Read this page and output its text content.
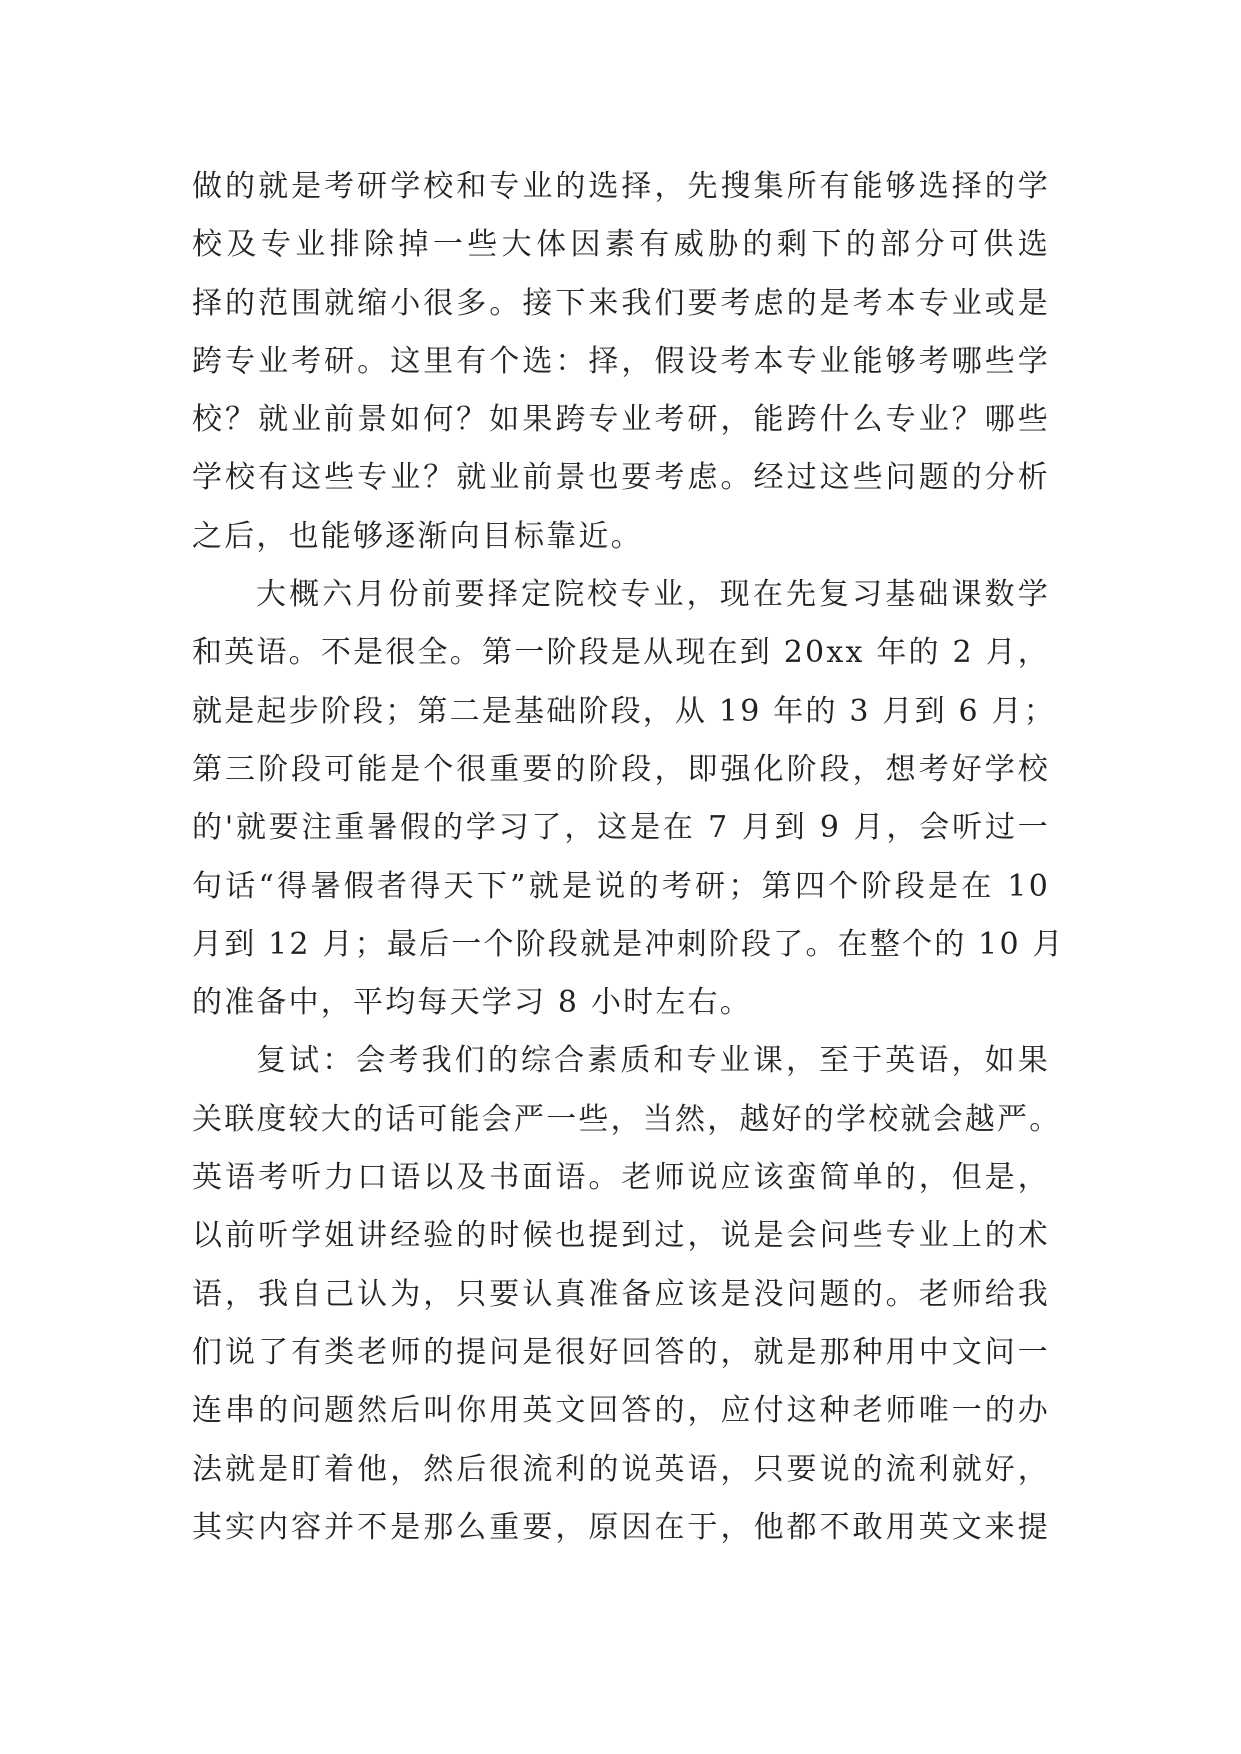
做的就是考研学校和专业的选择，先搜集所有能够选择的学
校及专业排除掉一些大体因素有威胁的剩下的部分可供选
择的范围就缩小很多。接下来我们要考虑的是考本专业或是
跨专业考研。这里有个选：择，假设考本专业能够考哪些学
校？就业前景如何？如果跨专业考研，能跨什么专业？哪些
学校有这些专业？就业前景也要考虑。经过这些问题的分析
之后，也能够逐渐向目标靠近。
大概六月份前要择定院校专业，现在先复习基础课数学
和英语。不是很全。第一阶段是从现在到 20xx 年的 2 月，
就是起步阶段；第二是基础阶段，从 19 年的 3 月到 6 月；
第三阶段可能是个很重要的阶段，即强化阶段，想考好学校
的'就要注重暑假的学习了，这是在 7 月到 9 月，会听过一
句话“得暑假者得天下”就是说的考研；第四个阶段是在 10
月到 12 月；最后一个阶段就是冲刺阶段了。在整个的 10 月
的准备中，平均每天学习 8 小时左右。
复试：会考我们的综合素质和专业课，至于英语，如果
关联度较大的话可能会严一些，当然，越好的学校就会越严。
英语考听力口语以及书面语。老师说应该蛮简单的，但是，
以前听学姐讲经验的时候也提到过，说是会问些专业上的术
语，我自己认为，只要认真准备应该是没问题的。老师给我
们说了有类老师的提问是很好回答的，就是那种用中文问一
连串的问题然后叫你用英文回答的，应付这种老师唯一的办
法就是盯着他，然后很流利的说英语，只要说的流利就好，
其实内容并不是那么重要，原因在于，他都不敢用英文来提
